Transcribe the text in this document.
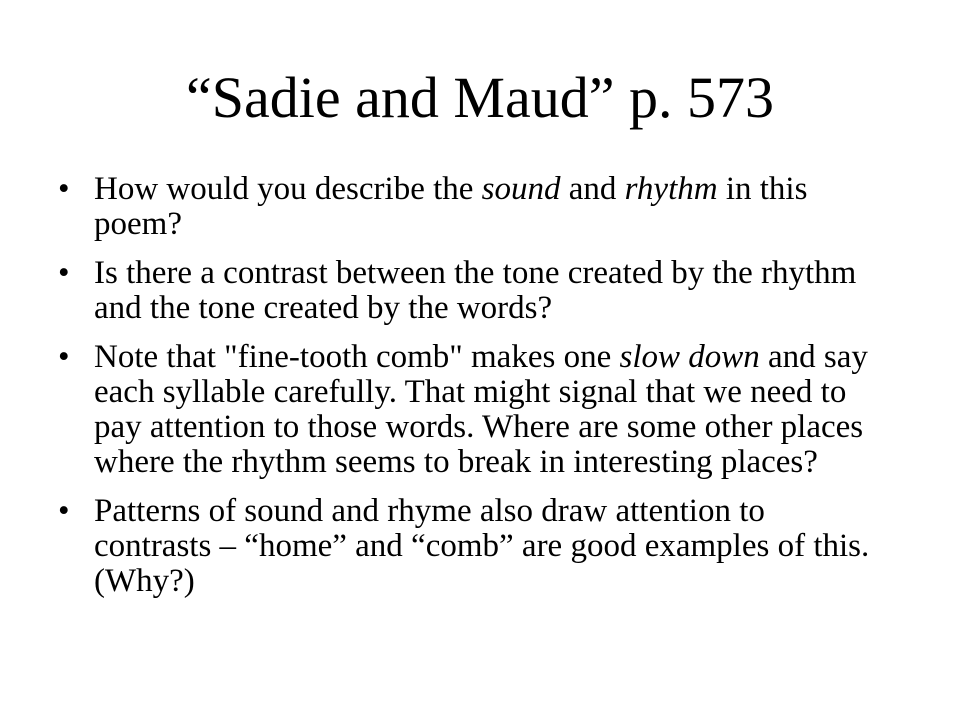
“Sadie and Maud” p. 573
• How would you describe the sound and rhythm in this poem?
• Is there a contrast between the tone created by the rhythm and the tone created by the words?
• Note that "fine-tooth comb" makes one slow down and say each syllable carefully. That might signal that we need to pay attention to those words. Where are some other places where the rhythm seems to break in interesting places?
• Patterns of sound and rhyme also draw attention to contrasts – “home” and “comb” are good examples of this. (Why?)
